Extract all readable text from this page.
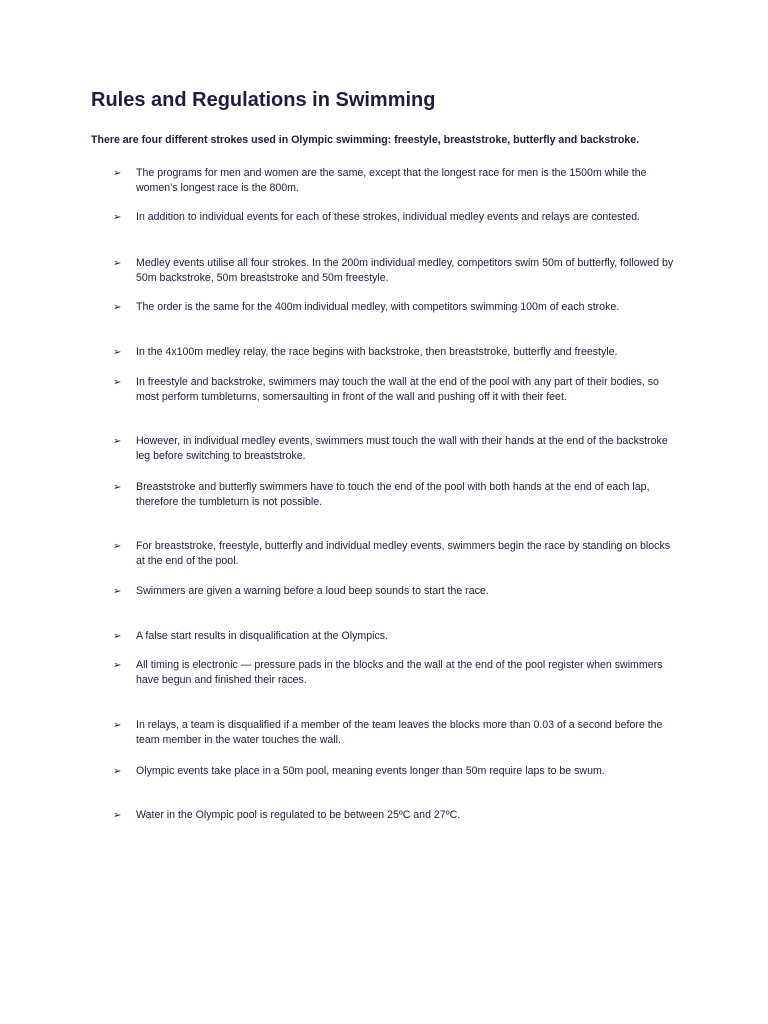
Rules and Regulations in Swimming

There are four different strokes used in Olympic swimming: freestyle, breaststroke, butterfly and backstroke.

➢ The programs for men and women are the same, except that the longest race for men is the 1500m while the women’s longest race is the 800m.
➢ In addition to individual events for each of these strokes, individual medley events and relays are contested.
➢ Medley events utilise all four strokes. In the 200m individual medley, competitors swim 50m of butterfly, followed by 50m backstroke, 50m breaststroke and 50m freestyle.
➢ The order is the same for the 400m individual medley, with competitors swimming 100m of each stroke.
➢ In the 4x100m medley relay, the race begins with backstroke, then breaststroke, butterfly and freestyle.
➢ In freestyle and backstroke, swimmers may touch the wall at the end of the pool with any part of their bodies, so most perform tumbleturns, somersaulting in front of the wall and pushing off it with their feet.
➢ However, in individual medley events, swimmers must touch the wall with their hands at the end of the backstroke leg before switching to breaststroke.
➢ Breaststroke and butterfly swimmers have to touch the end of the pool with both hands at the end of each lap, therefore the tumbleturn is not possible.
➢ For breaststroke, freestyle, butterfly and individual medley events, swimmers begin the race by standing on blocks at the end of the pool.
➢ Swimmers are given a warning before a loud beep sounds to start the race.
➢ A false start results in disqualification at the Olympics.
➢ All timing is electronic — pressure pads in the blocks and the wall at the end of the pool register when swimmers have begun and finished their races.
➢ In relays, a team is disqualified if a member of the team leaves the blocks more than 0.03 of a second before the team member in the water touches the wall.
➢ Olympic events take place in a 50m pool, meaning events longer than 50m require laps to be swum.
➢ Water in the Olympic pool is regulated to be between 25ºC and 27ºC.
